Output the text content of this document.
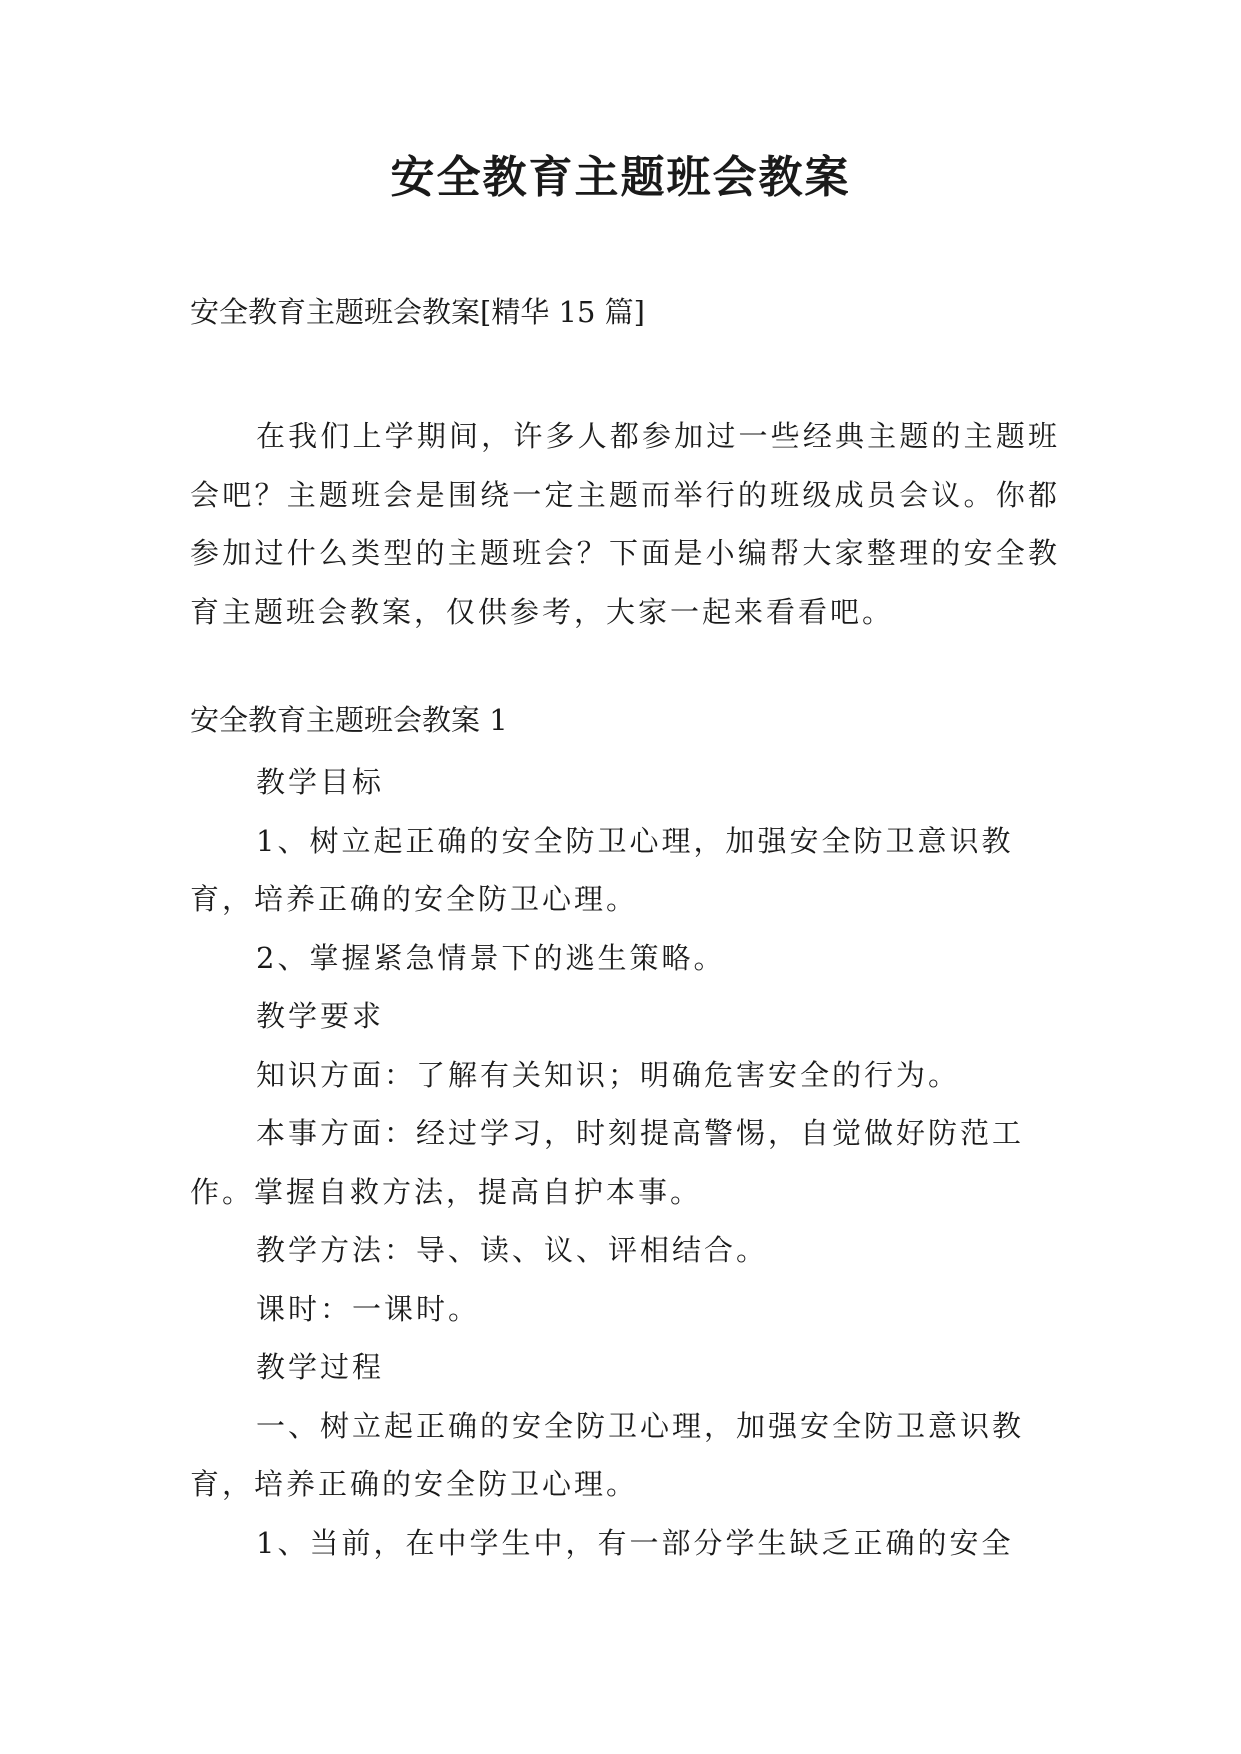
安全教育主题班会教案

安全教育主题班会教案[精华 15 篇]

在我们上学期间，许多人都参加过一些经典主题的主题班会吧？主题班会是围绕一定主题而举行的班级成员会议。你都参加过什么类型的主题班会？下面是小编帮大家整理的安全教育主题班会教案，仅供参考，大家一起来看看吧。

安全教育主题班会教案 1

教学目标

1、树立起正确的安全防卫心理，加强安全防卫意识教育，培养正确的安全防卫心理。

2、掌握紧急情景下的逃生策略。

教学要求

知识方面：了解有关知识；明确危害安全的行为。

本事方面：经过学习，时刻提高警惕，自觉做好防范工作。掌握自救方法，提高自护本事。

教学方法：导、读、议、评相结合。

课时：一课时。

教学过程

一、树立起正确的安全防卫心理，加强安全防卫意识教育，培养正确的安全防卫心理。

1、当前，在中学生中，有一部分学生缺乏正确的安全
